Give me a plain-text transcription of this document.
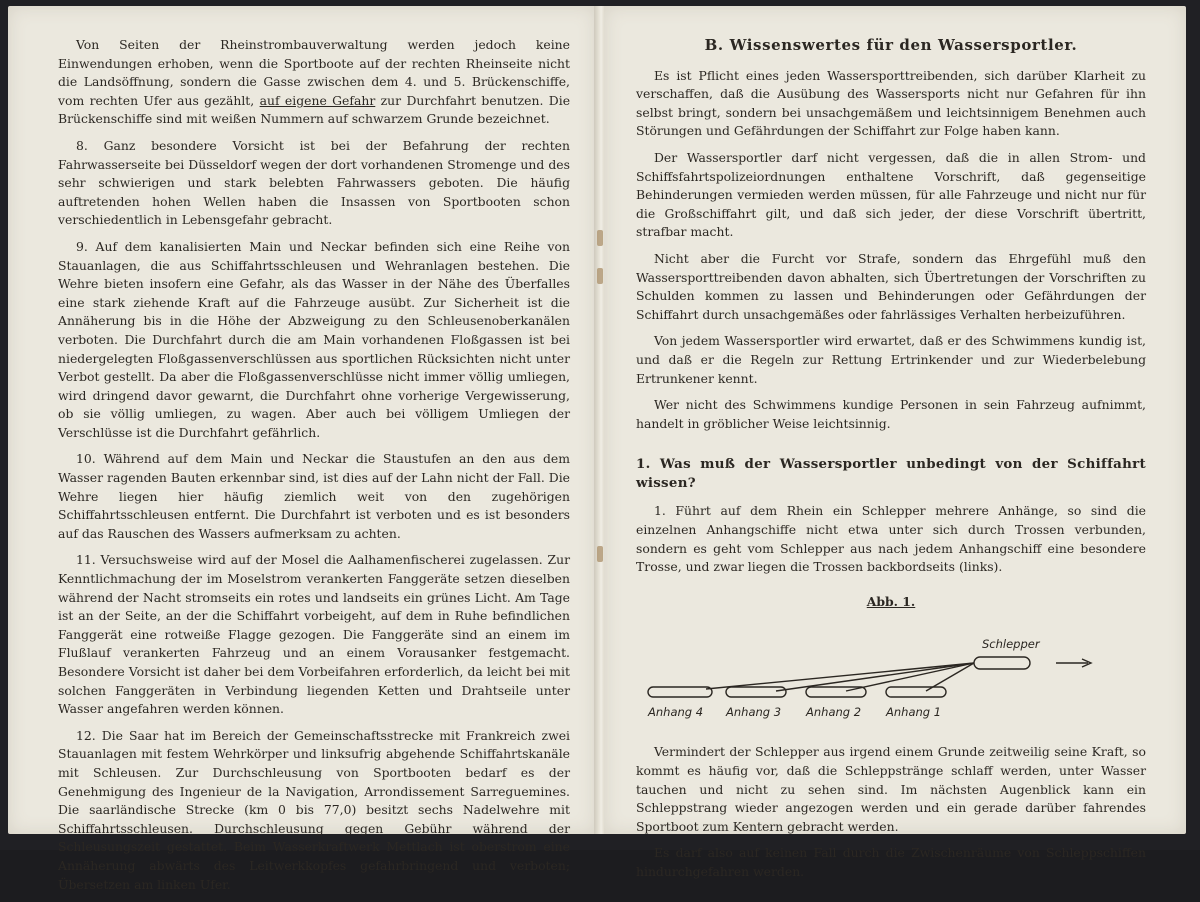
Von Seiten der Rheinstrombauverwaltung werden jedoch keine Einwendungen erhoben, wenn die Sportboote auf der rechten Rheinseite nicht die Landsöffnung, sondern die Gasse zwischen dem 4. und 5. Brückenschiffe, vom rechten Ufer aus gezählt, auf eigene Gefahr zur Durchfahrt benutzen. Die Brückenschiffe sind mit weißen Nummern auf schwarzem Grunde bezeichnet.

8. Ganz besondere Vorsicht ist bei der Befahrung der rechten Fahrwasserseite bei Düsseldorf wegen der dort vorhandenen Stromenge und des sehr schwierigen und stark belebten Fahrwassers geboten. Die häufig auftretenden hohen Wellen haben die Insassen von Sportbooten schon verschiedentlich in Lebensgefahr gebracht.

9. Auf dem kanalisierten Main und Neckar befinden sich eine Reihe von Stauanlagen, die aus Schiffahrtsschleusen und Wehranlagen bestehen. Die Wehre bieten insofern eine Gefahr, als das Wasser in der Nähe des Überfalles eine stark ziehende Kraft auf die Fahrzeuge ausübt. Zur Sicherheit ist die Annäherung bis in die Höhe der Abzweigung zu den Schleusenoberkanälen verboten. Die Durchfahrt durch die am Main vorhandenen Floßgassen ist bei niedergelegten Floßgassenverschlüssen aus sportlichen Rücksichten nicht unter Verbot gestellt. Da aber die Floßgassenverschlüsse nicht immer völlig umliegen, wird dringend davor gewarnt, die Durchfahrt ohne vorherige Vergewisserung, ob sie völlig umliegen, zu wagen. Aber auch bei völligem Umliegen der Verschlüsse ist die Durchfahrt gefährlich.

10. Während auf dem Main und Neckar die Staustufen an den aus dem Wasser ragenden Bauten erkennbar sind, ist dies auf der Lahn nicht der Fall. Die Wehre liegen hier häufig ziemlich weit von den zugehörigen Schiffahrtsschleusen entfernt. Die Durchfahrt ist verboten und es ist besonders auf das Rauschen des Wassers aufmerksam zu achten.

11. Versuchsweise wird auf der Mosel die Aalhamenfischerei zugelassen. Zur Kenntlichmachung der im Moselstrom verankerten Fanggeräte setzen dieselben während der Nacht stromseits ein rotes und landseits ein grünes Licht. Am Tage ist an der Seite, an der die Schiffahrt vorbeigeht, auf dem in Ruhe befindlichen Fanggerät eine rotweiße Flagge gezogen. Die Fanggeräte sind an einem im Flußlauf verankerten Fahrzeug und an einem Vorausanker festgemacht. Besondere Vorsicht ist daher bei dem Vorbeifahren erforderlich, da leicht bei mit solchen Fanggeräten in Verbindung liegenden Ketten und Drahtseile unter Wasser angefahren werden können.

12. Die Saar hat im Bereich der Gemeinschaftsstrecke mit Frankreich zwei Stauanlagen mit festem Wehrkörper und linksufrig abgehende Schiffahrtskanäle mit Schleusen. Zur Durchschleusung von Sportbooten bedarf es der Genehmigung des Ingenieur de la Navigation, Arrondissement Sarreguemines. Die saarländische Strecke (km 0 bis 77,0) besitzt sechs Nadelwehre mit Schiffahrtsschleusen. Durchschleusung gegen Gebühr während der Schleusungszeit gestattet. Beim Wasserkraftwerk Mettlach ist oberstrom eine Annäherung abwärts des Leitwerkkopfes gefahrbringend und verboten; Übersetzen am linken Ufer.

B. Wissenswertes für den Wassersportler.

Es ist Pflicht eines jeden Wassersporttreibenden, sich darüber Klarheit zu verschaffen, daß die Ausübung des Wassersports nicht nur Gefahren für ihn selbst bringt, sondern bei unsachgemäßem und leichtsinnigem Benehmen auch Störungen und Gefährdungen der Schiffahrt zur Folge haben kann.

Der Wassersportler darf nicht vergessen, daß die in allen Strom- und Schiffsfahrtspolizeiordnungen enthaltene Vorschrift, daß gegenseitige Behinderungen vermieden werden müssen, für alle Fahrzeuge und nicht nur für die Großschiffahrt gilt, und daß sich jeder, der diese Vorschrift übertritt, strafbar macht.

Nicht aber die Furcht vor Strafe, sondern das Ehrgefühl muß den Wassersporttreibenden davon abhalten, sich Übertretungen der Vorschriften zu Schulden kommen zu lassen und Behinderungen oder Gefährdungen der Schiffahrt durch unsachgemäßes oder fahrlässiges Verhalten herbeizuführen.

Von jedem Wassersportler wird erwartet, daß er des Schwimmens kundig ist, und daß er die Regeln zur Rettung Ertrinkender und zur Wiederbelebung Ertrunkener kennt.

Wer nicht des Schwimmens kundige Personen in sein Fahrzeug aufnimmt, handelt in gröblicher Weise leichtsinnig.

1. Was muß der Wassersportler unbedingt von der Schiffahrt wissen?

1. Führt auf dem Rhein ein Schlepper mehrere Anhänge, so sind die einzelnen Anhangschiffe nicht etwa unter sich durch Trossen verbunden, sondern es geht vom Schlepper aus nach jedem Anhangschiff eine besondere Trosse, und zwar liegen die Trossen backbordseits (links).

Abb. 1.

Schlepper
Anhang 4 Anhang 3 Anhang 2 Anhang 1

Vermindert der Schlepper aus irgend einem Grunde zeitweilig seine Kraft, so kommt es häufig vor, daß die Schleppstränge schlaff werden, unter Wasser tauchen und nicht zu sehen sind. Im nächsten Augenblick kann ein Schleppstrang wieder angezogen werden und ein gerade darüber fahrendes Sportboot zum Kentern gebracht werden.

Es darf also auf keinen Fall durch die Zwischenräume von Schleppschiffen hindurchgefahren werden.
